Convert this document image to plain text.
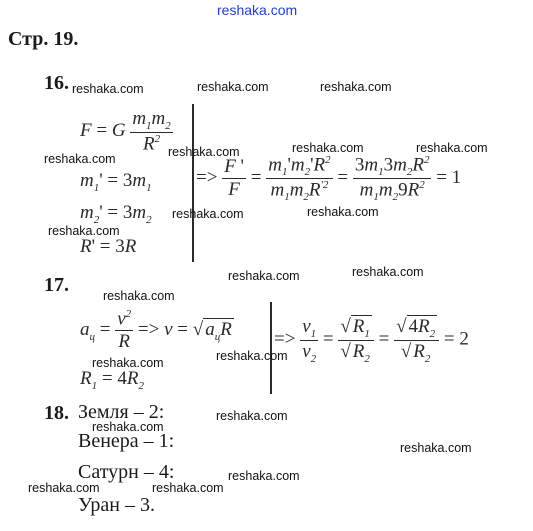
reshaka.com
Стр. 19.
16.
F = G $\frac{m_1m_2}{R^2}$
$m_1' = 3m_1$
$m_2' = 3m_2$
R' = 3R
=> $\frac{F '}{F} = \frac{m_1'm_2'R^2}{m_1m_2R^{'2}} = \frac{3m_13m_2R^2}{m_1m_29R^2} = 1$
17.
$a_ц = \frac{v^2}{R} => v$ = √ $a_цR$
$R_1 = 4R_2$
=> $\frac{v_1}{v_2} = \frac{√ R_1}{√ R_2} = \frac{√ 4R_2}{√ R_2} = 2$
18. Земля – 2:
Венера – 1:
Сатурн – 4:
Уран – 3.
reshaka.com	reshaka.com	reshaka.com
reshaka.com	reshaka.com
reshaka.com
reshaka.com
reshaka.com	reshaka.com
reshaka.com
reshaka.com	reshaka.com
reshaka.com
reshaka.com
reshaka.com
reshaka.com
reshaka.com
reshaka.com
reshaka.com
reshaka.com	reshaka.com
